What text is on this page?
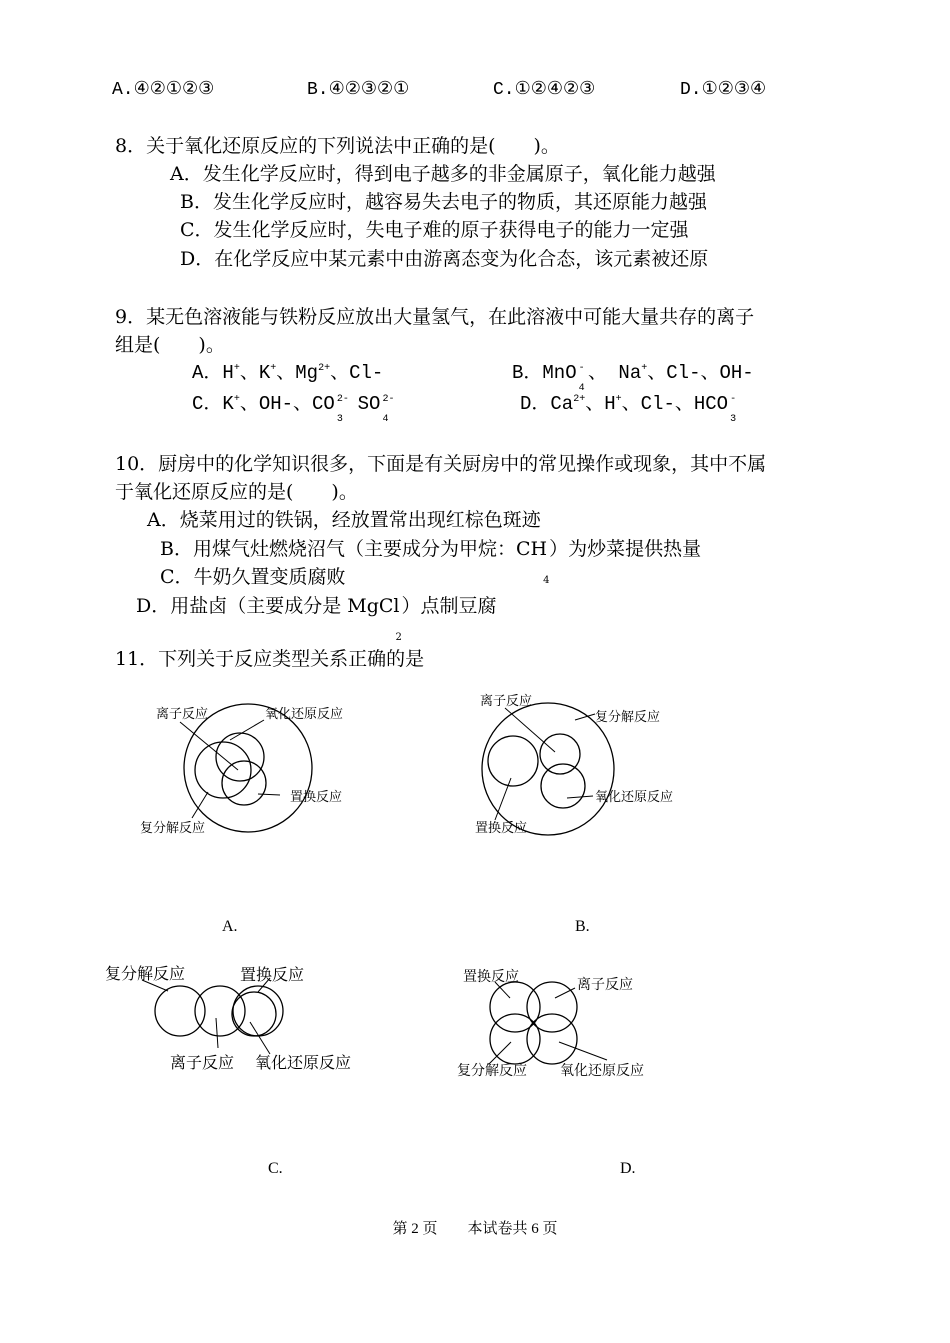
A.④②①②③	B.④②③②①	C.①②④②③	D.①②③④
8．关于氧化还原反应的下列说法中正确的是(　　)。
A．发生化学反应时，得到电子越多的非金属原子，氧化能力越强
B．发生化学反应时，越容易失去电子的物质，其还原能力越强
C．发生化学反应时，失电子难的原子获得电子的能力一定强
D．在化学反应中某元素中由游离态变为化合态，该元素被还原
9．某无色溶液能与铁粉反应放出大量氢气，在此溶液中可能大量共存的离子
组是(　　)。
A．H+、K+、$Mg^{2+}$、Cl-	B．MnO -
4
、 Na+、Cl-、OH-
C．K+、OH-、CO 2-
3
SO 2-
4

D．$Ca^{2+}$、H+、Cl-、HCO -
3

10．厨房中的化学知识很多，下面是有关厨房中的常见操作或现象，其中不属
于氧化还原反应的是(　　)。
A．烧菜用过的铁锅，经放置常出现红棕色斑迹
B．用煤气灶燃烧沼气（主要成分为甲烷：CH
4
）为炒菜提供热量
C．牛奶久置变质腐败
D．用盐卤（主要成分是 MgCl
2
）点制豆腐
11．下列关于反应类型关系正确的是
离子反应	氧化还原反应
置换反应
复分解反应
A.
离子反应
复分解反应
氧化还原反应
置换反应
B.
复分解反应	置换反应
离子反应 氧化还原反应
C.
置换反应	离子反应
复分解反应 氧化还原反应
D.
第 2 页　　本试卷共 6 页
